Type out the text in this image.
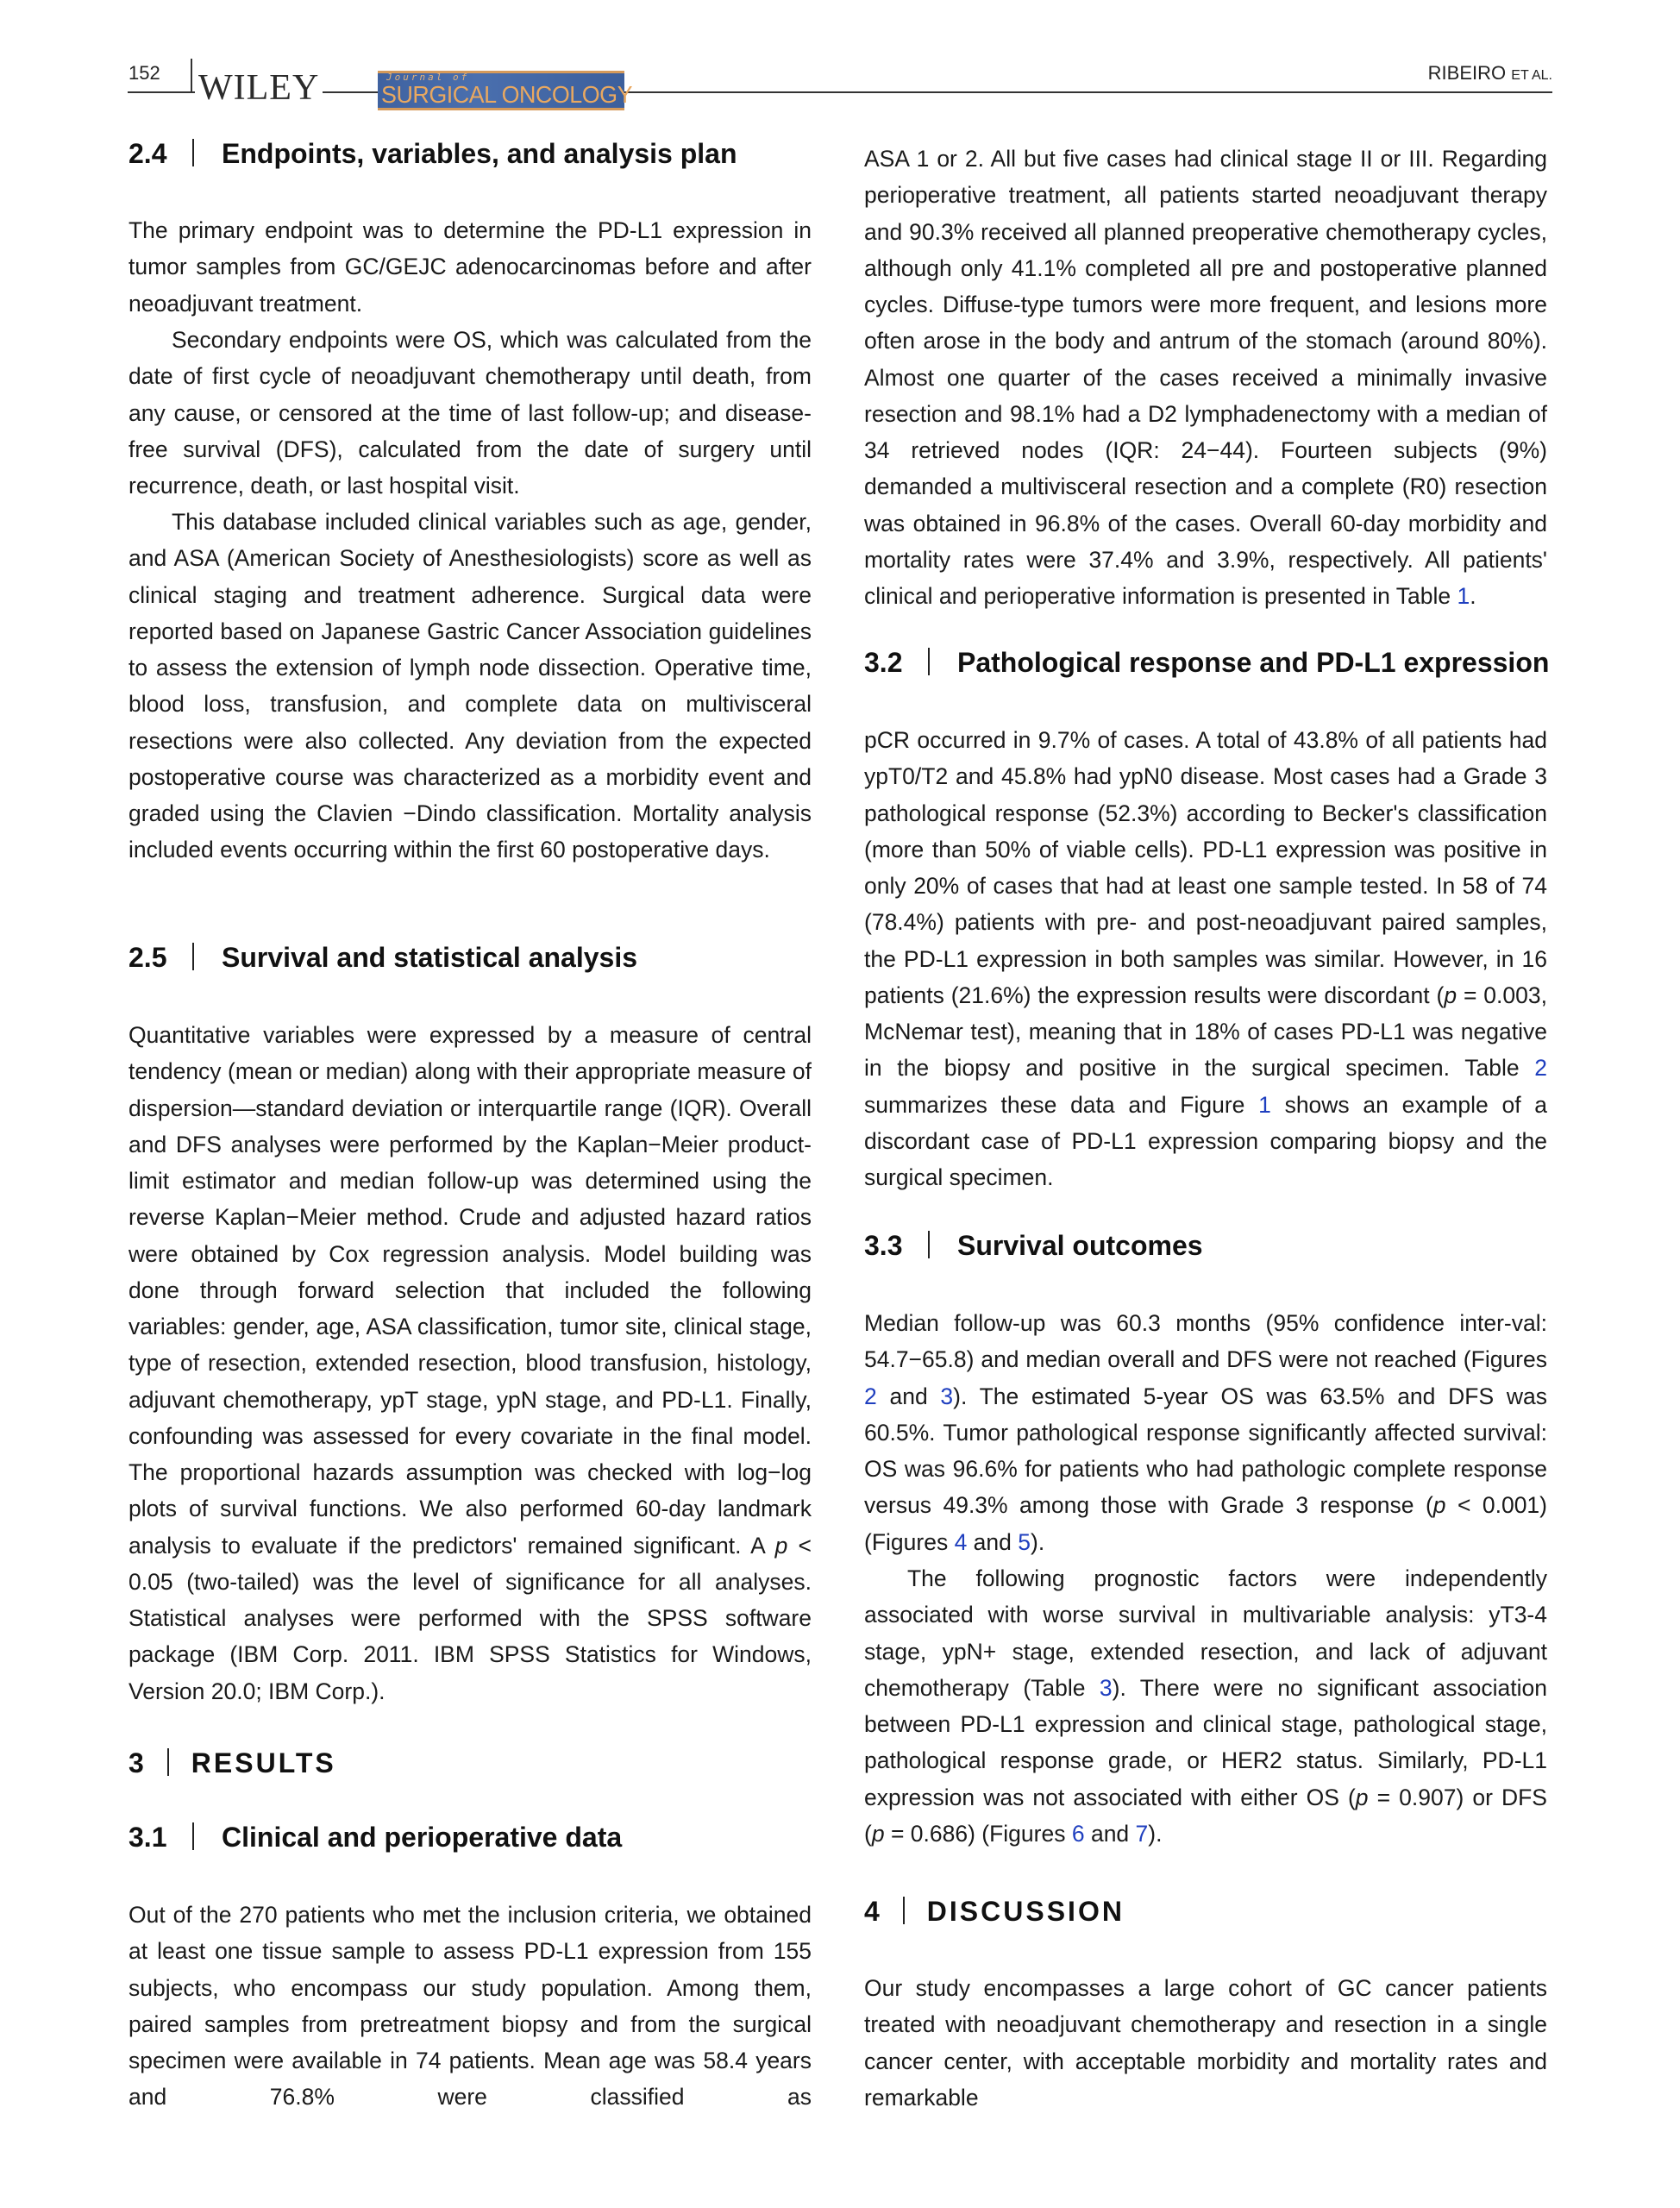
152 WILEY	Journal of
SURGICAL ONCOLOGY
RIBEIRO ET AL.
2.4 Endpoints, variables, and analysis plan

The primary endpoint was to determine the PD-L1 expression in tumor samples from GC/GEJC adenocarcinomas before and after neoadjuvant treatment.

Secondary endpoints were OS, which was calculated from the date of first cycle of neoadjuvant chemotherapy until death, from any cause, or censored at the time of last follow-up; and disease-free survival (DFS), calculated from the date of surgery until recurrence, death, or last hospital visit.

This database included clinical variables such as age, gender, and ASA (American Society of Anesthesiologists) score as well as clinical staging and treatment adherence. Surgical data were reported based on Japanese Gastric Cancer Association guidelines to assess the extension of lymph node dissection. Operative time, blood loss, transfusion, and complete data on multivisceral resections were also collected. Any deviation from the expected postoperative course was characterized as a morbidity event and graded using the Clavien −Dindo classification. Mortality analysis included events occurring within the first 60 postoperative days.

2.5 Survival and statistical analysis

Quantitative variables were expressed by a measure of central tendency (mean or median) along with their appropriate measure of dispersion—standard deviation or interquartile range (IQR). Overall and DFS analyses were performed by the Kaplan−Meier product-limit estimator and median follow-up was determined using the reverse Kaplan−Meier method. Crude and adjusted hazard ratios were obtained by Cox regression analysis. Model building was done through forward selection that included the following variables: gender, age, ASA classification, tumor site, clinical stage, type of resection, extended resection, blood transfusion, histology, adjuvant chemotherapy, ypT stage, ypN stage, and PD-L1. Finally, confounding was assessed for every covariate in the final model. The proportional hazards assumption was checked with log−log plots of survival functions. We also performed 60-day landmark analysis to evaluate if the predictors' remained significant. A p < 0.05 (two-tailed) was the level of significance for all analyses. Statistical analyses were performed with the SPSS software package (IBM Corp. 2011. IBM SPSS Statistics for Windows, Version 20.0; IBM Corp.).

3 RESULTS
3.1 Clinical and perioperative data

Out of the 270 patients who met the inclusion criteria, we obtained at least one tissue sample to assess PD-L1 expression from 155 subjects, who encompass our study population. Among them, paired samples from pretreatment biopsy and from the surgical specimen were available in 74 patients. Mean age was 58.4 years and 76.8% were classified as

ASA 1 or 2. All but five cases had clinical stage II or III. Regarding perioperative treatment, all patients started neoadjuvant therapy and 90.3% received all planned preoperative chemotherapy cycles, although only 41.1% completed all pre and postoperative planned cycles. Diffuse-type tumors were more frequent, and lesions more often arose in the body and antrum of the stomach (around 80%). Almost one quarter of the cases received a minimally invasive resection and 98.1% had a D2 lymphadenectomy with a median of 34 retrieved nodes (IQR: 24−44). Fourteen subjects (9%) demanded a multivisceral resection and a complete (R0) resection was obtained in 96.8% of the cases. Overall 60-day morbidity and mortality rates were 37.4% and 3.9%, respectively. All patients' clinical and perioperative information is presented in Table 1.

3.2 Pathological response and PD-L1 expression

pCR occurred in 9.7% of cases. A total of 43.8% of all patients had ypT0/T2 and 45.8% had ypN0 disease. Most cases had a Grade 3 pathological response (52.3%) according to Becker's classification (more than 50% of viable cells). PD-L1 expression was positive in only 20% of cases that had at least one sample tested. In 58 of 74 (78.4%) patients with pre- and post-neoadjuvant paired samples, the PD-L1 expression in both samples was similar. However, in 16 patients (21.6%) the expression results were discordant (p = 0.003, McNemar test), meaning that in 18% of cases PD-L1 was negative in the biopsy and positive in the surgical specimen. Table 2 summarizes these data and Figure 1 shows an example of a discordant case of PD-L1 expression comparing biopsy and the surgical specimen.

3.3 Survival outcomes

Median follow-up was 60.3 months (95% confidence inter-val: 54.7−65.8) and median overall and DFS were not reached (Figures 2 and 3). The estimated 5-year OS was 63.5% and DFS was 60.5%. Tumor pathological response significantly affected survival: OS was 96.6% for patients who had pathologic complete response versus 49.3% among those with Grade 3 response (p < 0.001) (Figures 4 and 5).

The following prognostic factors were independently associated with worse survival in multivariable analysis: yT3-4 stage, ypN+ stage, extended resection, and lack of adjuvant chemotherapy (Table 3). There were no significant association between PD-L1 expression and clinical stage, pathological stage, pathological response grade, or HER2 status. Similarly, PD-L1 expression was not associated with either OS (p = 0.907) or DFS (p = 0.686) (Figures 6 and 7).

4 DISCUSSION

Our study encompasses a large cohort of GC cancer patients treated with neoadjuvant chemotherapy and resection in a single cancer center, with acceptable morbidity and mortality rates and remarkable
